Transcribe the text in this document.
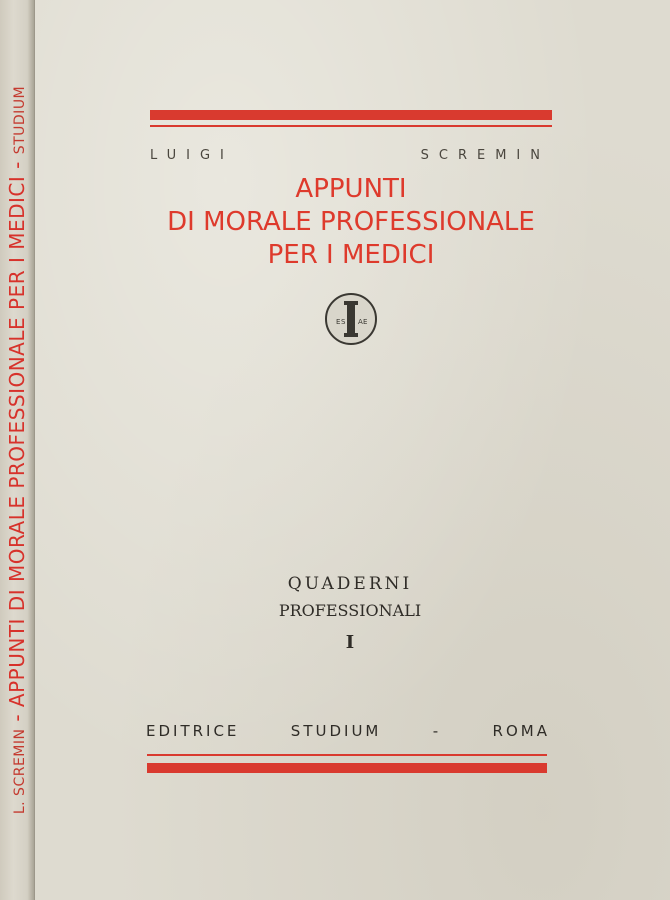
L. SCREMIN - APPUNTI DI MORALE PROFESSIONALE PER I MEDICI - STUDIUM
LUIGI SCREMIN
APPUNTI
DI MORALE PROFESSIONALE
PER I MEDICI
E S A E
QUADERNI
PROFESSIONALI
I
EDITRICE STUDIUM - ROMA
